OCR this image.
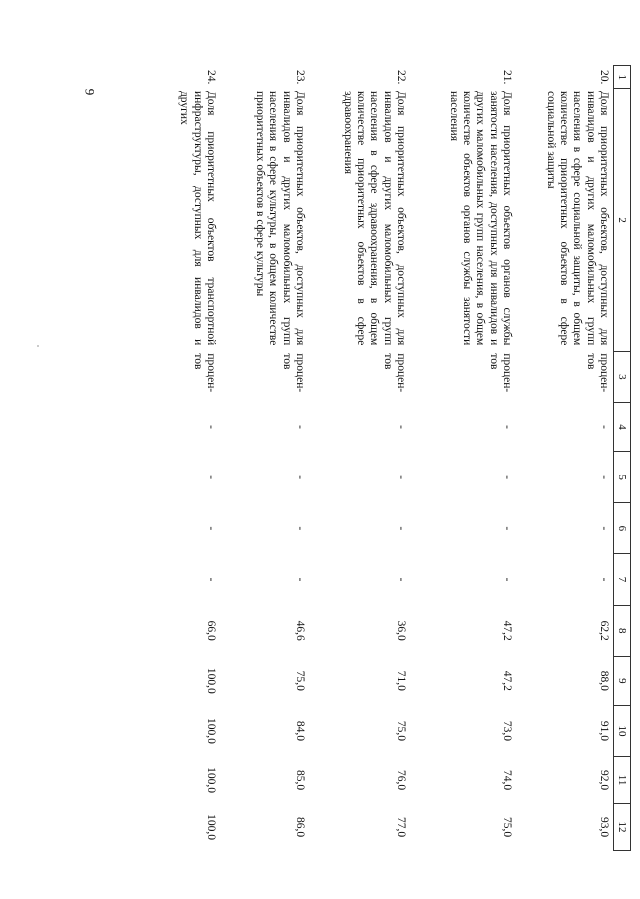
9
1	2	3	4	5	6	7	8	9	10	11	12
20.	Доля приоритетных объектов, доступных для инвалидов и других маломобильных групп населения в сфере социальной защиты, в общем количестве приоритетных объектов в сфере социальной защиты	процен-тов	-	-	-	-	62,2	88,0	91,0	92,0	93,0
21.	Доля приоритетных объектов органов службы занятости населения, доступных для инвалидов и других маломобильных групп населения, в общем количестве объектов органов службы занятости населения	процен-тов	-	-	-	-	47,2	47,2	73,0	74,0	75,0
22.	Доля приоритетных объектов, доступных для инвалидов и других маломобильных групп населения в сфере здравоохранения, в общем количестве приоритетных объектов в сфере здравоохранения	процен-тов	-	-	-	-	36,0	71,0	75,0	76,0	77,0
23.	Доля приоритетных объектов, доступных для инвалидов и других маломобильных групп населения в сфере культуры, в общем количестве приоритетных объектов в сфере культуры	процен-тов	-	-	-	-	46,6	75,0	84,0	85,0	86,0
24.	Доля приоритетных объектов транспортной инфраструктуры, доступных для инвалидов и других	процен-тов	-	-	-	-	66,0	100,0	100,0	100,0	100,0
